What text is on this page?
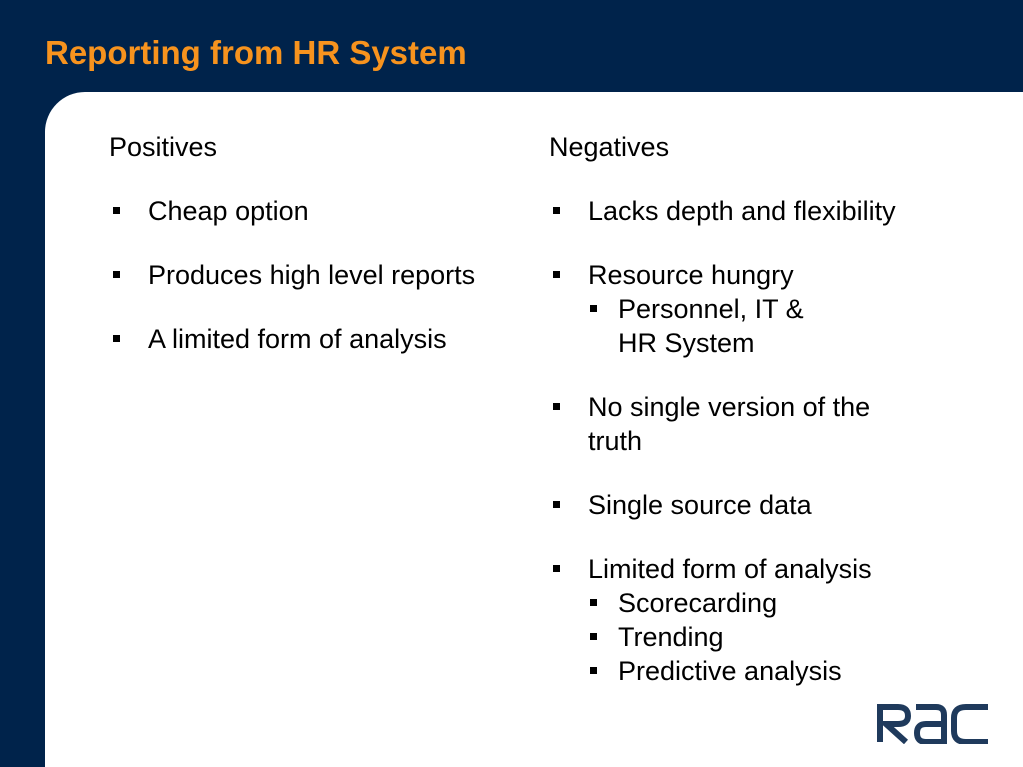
Reporting from HR System
Positives
Cheap option
Produces high level reports
A limited form of analysis
Negatives
Lacks depth and flexibility
Resource hungry
Personnel, IT & HR System
No single version of the truth
Single source data
Limited form of analysis
Scorecarding
Trending
Predictive analysis
